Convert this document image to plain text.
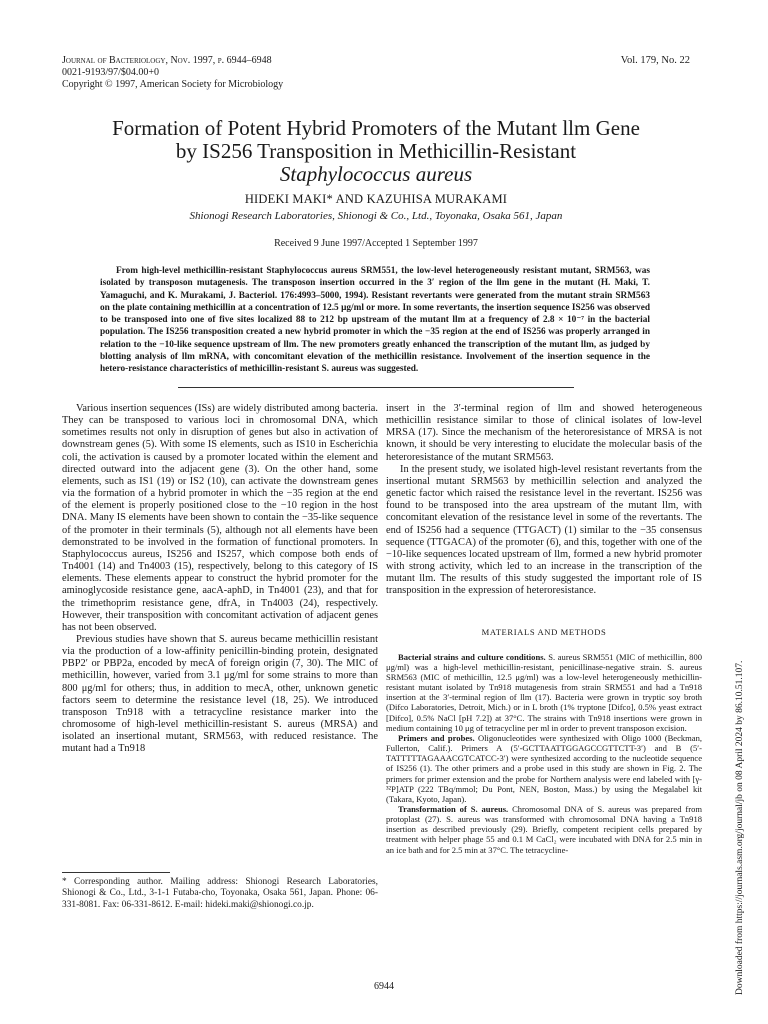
Journal of Bacteriology, Nov. 1997, p. 6944–6948
0021-9193/97/$04.00+0
Copyright © 1997, American Society for Microbiology
Vol. 179, No. 22
Formation of Potent Hybrid Promoters of the Mutant llm Gene
by IS256 Transposition in Methicillin-Resistant
Staphylococcus aureus
HIDEKI MAKI* AND KAZUHISA MURAKAMI
Shionogi Research Laboratories, Shionogi & Co., Ltd., Toyonaka, Osaka 561, Japan
Received 9 June 1997/Accepted 1 September 1997

From high-level methicillin-resistant Staphylococcus aureus SRM551, the low-level heterogeneously resistant mutant, SRM563, was isolated by transposon mutagenesis. The transposon insertion occurred in the 3′ region of the llm gene in the mutant (H. Maki, T. Yamaguchi, and K. Murakami, J. Bacteriol. 176:4993–5000, 1994). Resistant revertants were generated from the mutant strain SRM563 on the plate containing methicillin at a concentration of 12.5 μg/ml or more. In some revertants, the insertion sequence IS256 was observed to be transposed into one of five sites localized 88 to 212 bp upstream of the mutant llm at a frequency of 2.8 × 10⁻⁷ in the bacterial population. The IS256 transposition created a new hybrid promoter in which the −35 region at the end of IS256 was properly arranged in relation to the −10-like sequence upstream of llm. The new promoters greatly enhanced the transcription of the mutant llm, as judged by blotting analysis of llm mRNA, with concomitant elevation of the methicillin resistance. Involvement of the insertion sequence in the hetero-resistance characteristics of methicillin-resistant S. aureus was suggested.

Various insertion sequences (ISs) are widely distributed among bacteria. They can be transposed to various loci in chromosomal DNA, which sometimes results not only in disruption of genes but also in activation of downstream genes (5). With some IS elements, such as IS10 in Escherichia coli, the activation is caused by a promoter located within the element and directed outward into the adjacent gene (3). On the other hand, some elements, such as IS1 (19) or IS2 (10), can activate the downstream genes via the formation of a hybrid promoter in which the −35 region at the end of the element is properly positioned close to the −10 region in the host DNA. Many IS elements have been shown to contain the −35-like sequence of the promoter in their terminals (5), although not all elements have been demonstrated to be involved in the formation of functional promoters. In Staphylococcus aureus, IS256 and IS257, which compose both ends of Tn4001 (14) and Tn4003 (15), respectively, belong to this category of IS elements. These elements appear to construct the hybrid promoter for the aminoglycoside resistance gene, aacA-aphD, in Tn4001 (23), and that for the trimethoprim resistance gene, dfrA, in Tn4003 (24), respectively. However, their transposition with concomitant activation of adjacent genes has not been observed.

Previous studies have shown that S. aureus became methicillin resistant via the production of a low-affinity penicillin-binding protein, designated PBP2′ or PBP2a, encoded by mecA of foreign origin (7, 30). The MIC of methicillin, however, varied from 3.1 μg/ml for some strains to more than 800 μg/ml for others; thus, in addition to mecA, other, unknown genetic factors seem to determine the resistance level (18, 25). We introduced transposon Tn918 with a tetracycline resistance marker into the chromosome of high-level methicillin-resistant S. aureus (MRSA) and isolated an insertional mutant, SRM563, with reduced resistance. The mutant had a Tn918

* Corresponding author. Mailing address: Shionogi Research Laboratories, Shionogi & Co., Ltd., 3-1-1 Futaba-cho, Toyonaka, Osaka 561, Japan. Phone: 06-331-8081. Fax: 06-331-8612. E-mail: hideki.maki@shionogi.co.jp.

insert in the 3′-terminal region of llm and showed heterogeneous methicillin resistance similar to those of clinical isolates of low-level MRSA (17). Since the mechanism of the heteroresistance of MRSA is not known, it should be very interesting to elucidate the molecular basis of the heteroresistance of the mutant SRM563.

In the present study, we isolated high-level resistant revertants from the insertional mutant SRM563 by methicillin selection and analyzed the genetic factor which raised the resistance level in the revertant. IS256 was found to be transposed into the area upstream of the mutant llm, with concomitant elevation of the resistance level in some of the revertants. The end of IS256 had a sequence (TTGACT) (1) similar to the −35 consensus sequence (TTGACA) of the promoter (6), and this, together with one of the −10-like sequences located upstream of llm, formed a new hybrid promoter with strong activity, which led to an increase in the transcription of the mutant llm. The results of this study suggested the important role of IS transposition in the expression of heteroresistance.

MATERIALS AND METHODS

Bacterial strains and culture conditions. S. aureus SRM551 (MIC of methicillin, 800 μg/ml) was a high-level methicillin-resistant, penicillinase-negative strain. S. aureus SRM563 (MIC of methicillin, 12.5 μg/ml) was a low-level heterogeneously methicillin-resistant mutant isolated by Tn918 mutagenesis from strain SRM551 and had a Tn918 insertion at the 3′-terminal region of llm (17). Bacteria were grown in tryptic soy broth (Difco Laboratories, Detroit, Mich.) or in L broth (1% tryptone [Difco], 0.5% yeast extract [Difco], 0.5% NaCl [pH 7.2]) at 37°C. The strains with Tn918 insertions were grown in medium containing 10 μg of tetracycline per ml in order to prevent transposon excision.

Primers and probes. Oligonucleotides were synthesized with Oligo 1000 (Beckman, Fullerton, Calif.). Primers A (5′-GCTTAATTGGAGCCGTTCTT-3′) and B (5′-TATTTTTAGAAACGTCATCC-3′) were synthesized according to the nucleotide sequence of IS256 (1). The other primers and a probe used in this study are shown in Fig. 2. The primers for primer extension and the probe for Northern analysis were end labeled with [γ-³²P]ATP (222 TBq/mmol; Du Pont, NEN, Boston, Mass.) by using the Megalabel kit (Takara, Kyoto, Japan).

Transformation of S. aureus. Chromosomal DNA of S. aureus was prepared from protoplast (27). S. aureus was transformed with chromosomal DNA having a Tn918 insertion as described previously (29). Briefly, competent recipient cells prepared by treatment with helper phage 55 and 0.1 M CaCl₂ were incubated with DNA for 2.5 min in an ice bath and for 2.5 min at 37°C. The tetracycline-

6944	Downloaded from https://journals.asm.org/journal/jb on 08 April 2024 by 86.10.51.107.
